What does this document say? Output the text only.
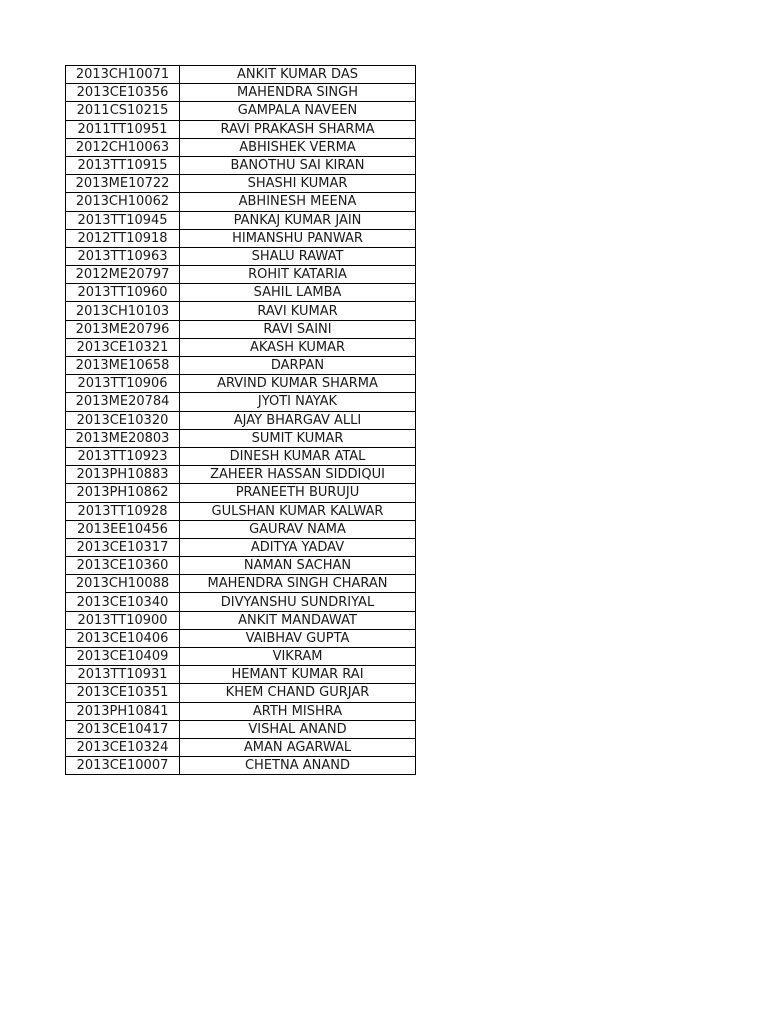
2013CH10071	ANKIT KUMAR DAS
2013CE10356	MAHENDRA SINGH
2011CS10215	GAMPALA NAVEEN
2011TT10951	RAVI PRAKASH SHARMA
2012CH10063	ABHISHEK VERMA
2013TT10915	BANOTHU SAI KIRAN
2013ME10722	SHASHI KUMAR
2013CH10062	ABHINESH MEENA
2013TT10945	PANKAJ KUMAR JAIN
2012TT10918	HIMANSHU PANWAR
2013TT10963	SHALU RAWAT
2012ME20797	ROHIT KATARIA
2013TT10960	SAHIL LAMBA
2013CH10103	RAVI KUMAR
2013ME20796	RAVI SAINI
2013CE10321	AKASH KUMAR
2013ME10658	DARPAN
2013TT10906	ARVIND KUMAR SHARMA
2013ME20784	JYOTI NAYAK
2013CE10320	AJAY BHARGAV ALLI
2013ME20803	SUMIT KUMAR
2013TT10923	DINESH KUMAR ATAL
2013PH10883	ZAHEER HASSAN SIDDIQUI
2013PH10862	PRANEETH BURUJU
2013TT10928	GULSHAN KUMAR KALWAR
2013EE10456	GAURAV NAMA
2013CE10317	ADITYA YADAV
2013CE10360	NAMAN SACHAN
2013CH10088	MAHENDRA SINGH CHARAN
2013CE10340	DIVYANSHU SUNDRIYAL
2013TT10900	ANKIT MANDAWAT
2013CE10406	VAIBHAV GUPTA
2013CE10409	VIKRAM
2013TT10931	HEMANT KUMAR RAI
2013CE10351	KHEM CHAND GURJAR
2013PH10841	ARTH MISHRA
2013CE10417	VISHAL ANAND
2013CE10324	AMAN AGARWAL
2013CE10007	CHETNA ANAND
